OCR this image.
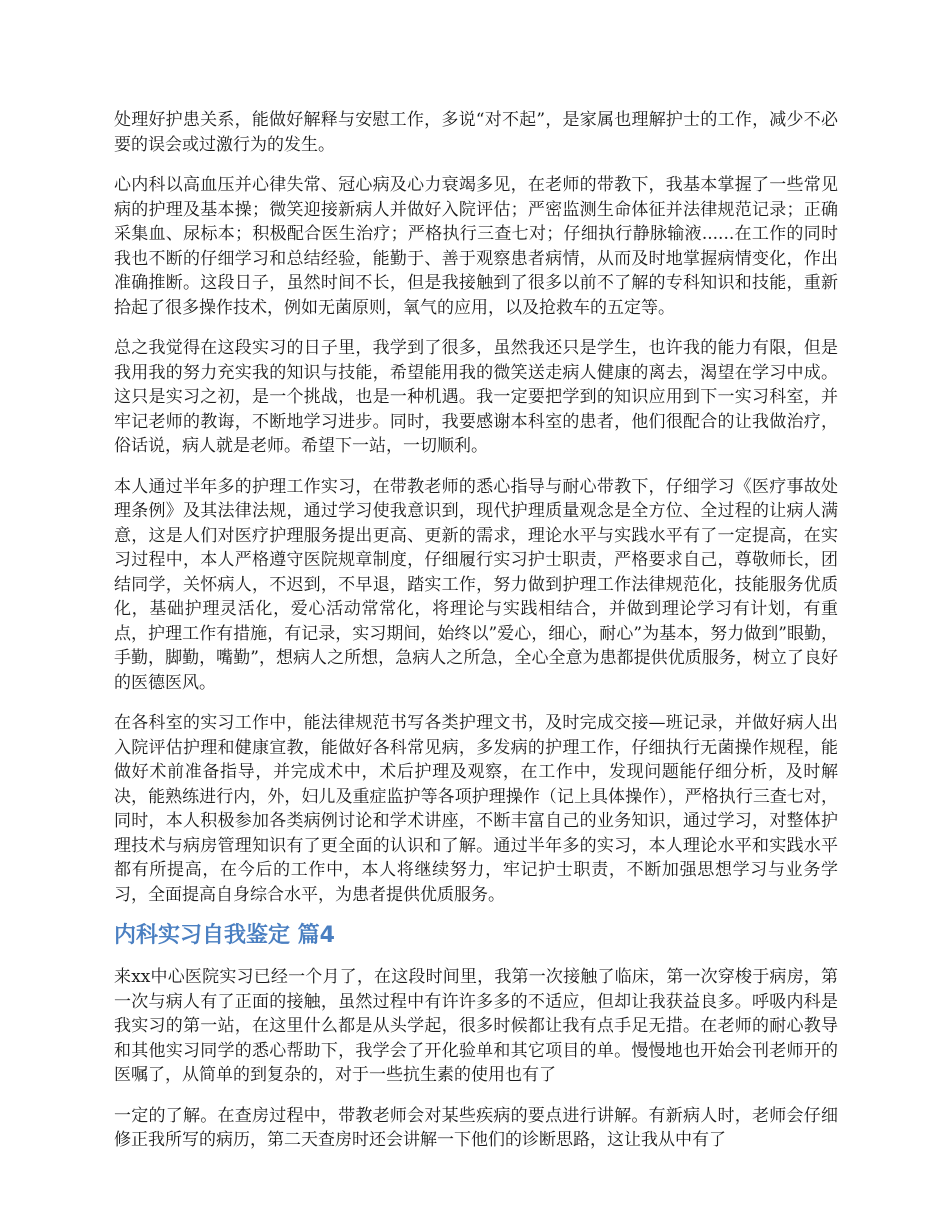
处理好护患关系，能做好解释与安慰工作，多说“对不起”，是家属也理解护士的工作，减少不必要的误会或过激行为的发生。

心内科以高血压并心律失常、冠心病及心力衰竭多见，在老师的带教下，我基本掌握了一些常见病的护理及基本操；微笑迎接新病人并做好入院评估；严密监测生命体征并法律规范记录；正确采集血、尿标本；积极配合医生治疗；严格执行三查七对；仔细执行静脉输液......在工作的同时我也不断的仔细学习和总结经验，能勤于、善于观察患者病情，从而及时地掌握病情变化，作出准确推断。这段日子，虽然时间不长，但是我接触到了很多以前不了解的专科知识和技能，重新拾起了很多操作技术，例如无菌原则，氧气的应用，以及抢救车的五定等。

总之我觉得在这段实习的日子里，我学到了很多，虽然我还只是学生，也许我的能力有限，但是我用我的努力充实我的知识与技能，希望能用我的微笑送走病人健康的离去，渴望在学习中成。这只是实习之初，是一个挑战，也是一种机遇。我一定要把学到的知识应用到下一实习科室，并牢记老师的教诲，不断地学习进步。同时，我要感谢本科室的患者，他们很配合的让我做治疗，俗话说，病人就是老师。希望下一站，一切顺利。

本人通过半年多的护理工作实习，在带教老师的悉心指导与耐心带教下，仔细学习《医疗事故处理条例》及其法律法规，通过学习使我意识到，现代护理质量观念是全方位、全过程的让病人满意，这是人们对医疗护理服务提出更高、更新的需求，理论水平与实践水平有了一定提高，在实习过程中，本人严格遵守医院规章制度，仔细履行实习护士职责，严格要求自己，尊敬师长，团结同学，关怀病人，不迟到，不早退，踏实工作，努力做到护理工作法律规范化，技能服务优质化，基础护理灵活化，爱心活动常常化，将理论与实践相结合，并做到理论学习有计划，有重点，护理工作有措施，有记录，实习期间，始终以”爱心，细心，耐心”为基本，努力做到”眼勤，手勤，脚勤，嘴勤”，想病人之所想，急病人之所急，全心全意为患都提供优质服务，树立了良好的医德医风。

在各科室的实习工作中，能法律规范书写各类护理文书，及时完成交接—班记录，并做好病人出入院评估护理和健康宣教，能做好各科常见病，多发病的护理工作，仔细执行无菌操作规程，能做好术前准备指导，并完成术中，术后护理及观察，在工作中，发现问题能仔细分析，及时解决，能熟练进行内，外，妇儿及重症监护等各项护理操作（记上具体操作），严格执行三查七对，同时，本人积极参加各类病例讨论和学术讲座，不断丰富自己的业务知识，通过学习，对整体护理技术与病房管理知识有了更全面的认识和了解。通过半年多的实习，本人理论水平和实践水平都有所提高，在今后的工作中，本人将继续努力，牢记护士职责，不断加强思想学习与业务学习，全面提高自身综合水平，为患者提供优质服务。

内科实习自我鉴定 篇4

来xx中心医院实习已经一个月了，在这段时间里，我第一次接触了临床，第一次穿梭于病房，第一次与病人有了正面的接触，虽然过程中有许许多多的不适应，但却让我获益良多。呼吸内科是我实习的第一站，在这里什么都是从头学起，很多时候都让我有点手足无措。在老师的耐心教导和其他实习同学的悉心帮助下，我学会了开化验单和其它项目的单。慢慢地也开始会刊老师开的医嘱了，从简单的到复杂的，对于一些抗生素的使用也有了

一定的了解。在查房过程中，带教老师会对某些疾病的要点进行讲解。有新病人时，老师会仔细修正我所写的病历，第二天查房时还会讲解一下他们的诊断思路，这让我从中有了
